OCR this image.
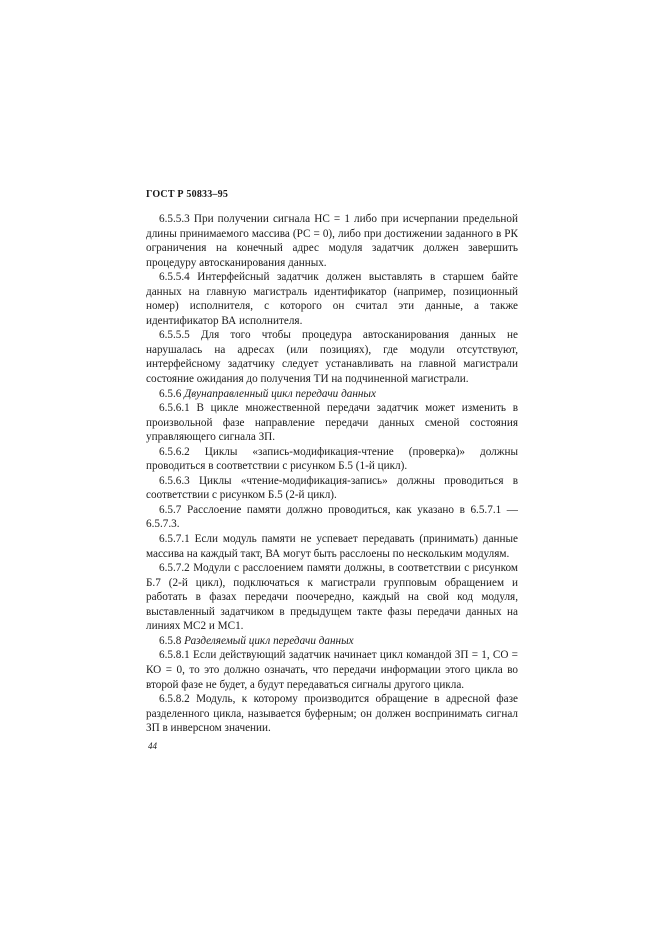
ГОСТ Р 50833–95

6.5.5.3 При получении сигнала НС = 1 либо при исчерпании предельной длины принимаемого массива (РС = 0), либо при достижении заданного в РК ограничения на конечный адрес модуля задатчик должен завершить процедуру автосканирования данных.

6.5.5.4 Интерфейсный задатчик должен выставлять в старшем байте данных на главную магистраль идентификатор (например, позиционный номер) исполнителя, с которого он считал эти данные, а также идентификатор ВА исполнителя.

6.5.5.5 Для того чтобы процедура автосканирования данных не нарушалась на адресах (или позициях), где модули отсутствуют, интерфейсному задатчику следует устанавливать на главной магистрали состояние ожидания до получения ТИ на подчиненной магистрали.

6.5.6 Двунаправленный цикл передачи данных

6.5.6.1 В цикле множественной передачи задатчик может изменить в произвольной фазе направление передачи данных сменой состояния управляющего сигнала ЗП.

6.5.6.2 Циклы «запись-модификация-чтение (проверка)» должны проводиться в соответствии с рисунком Б.5 (1-й цикл).

6.5.6.3 Циклы «чтение-модификация-запись» должны проводиться в соответствии с рисунком Б.5 (2-й цикл).

6.5.7 Расслоение памяти должно проводиться, как указано в 6.5.7.1 — 6.5.7.3.

6.5.7.1 Если модуль памяти не успевает передавать (принимать) данные массива на каждый такт, ВА могут быть расслоены по нескольким модулям.

6.5.7.2 Модули с расслоением памяти должны, в соответствии с рисунком Б.7 (2-й цикл), подключаться к магистрали групповым обращением и работать в фазах передачи поочередно, каждый на свой код модуля, выставленный задатчиком в предыдущем такте фазы передачи данных на линиях МС2 и МС1.

6.5.8 Разделяемый цикл передачи данных

6.5.8.1 Если действующий задатчик начинает цикл командой ЗП = 1, СО = КО = 0, то это должно означать, что передачи информации этого цикла во второй фазе не будет, а будут передаваться сигналы другого цикла.

6.5.8.2 Модуль, к которому производится обращение в адресной фазе разделенного цикла, называется буферным; он должен воспринимать сигнал ЗП в инверсном значении.

44
